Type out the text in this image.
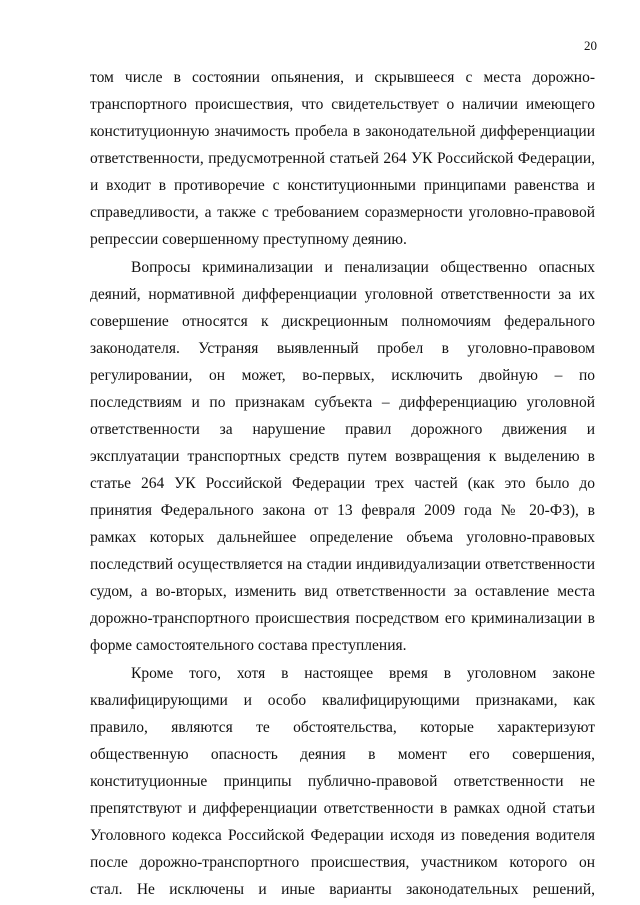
20
том числе в состоянии опьянения, и скрывшееся с места дорожно-
транспортного происшествия, что свидетельствует о наличии имеющего
конституционную значимость пробела в законодательной дифференциации
ответственности, предусмотренной статьей 264 УК Российской Федерации,
и входит в противоречие с конституционными принципами равенства и
справедливости, а также с требованием соразмерности уголовно-правовой
репрессии совершенному преступному деянию.
Вопросы криминализации и пенализации общественно опасных
деяний, нормативной дифференциации уголовной ответственности за их
совершение относятся к дискреционным полномочиям федерального
законодателя. Устраняя выявленный пробел в уголовно-правовом
регулировании, он может, во-первых, исключить двойную – по
последствиям и по признакам субъекта – дифференциацию уголовной
ответственности за нарушение правил дорожного движения и
эксплуатации транспортных средств путем возвращения к выделению в
статье 264 УК Российской Федерации трех частей (как это было до
принятия Федерального закона от 13 февраля 2009 года № 20-ФЗ), в
рамках которых дальнейшее определение объема уголовно-правовых
последствий осуществляется на стадии индивидуализации ответственности
судом, а во-вторых, изменить вид ответственности за оставление места
дорожно-транспортного происшествия посредством его криминализации в
форме самостоятельного состава преступления.
Кроме того, хотя в настоящее время в уголовном законе
квалифицирующими и особо квалифицирующими признаками, как
правило, являются те обстоятельства, которые характеризуют
общественную опасность деяния в момент его совершения,
конституционные принципы публично-правовой ответственности не
препятствуют и дифференциации ответственности в рамках одной статьи
Уголовного кодекса Российской Федерации исходя из поведения водителя
после дорожно-транспортного происшествия, участником которого он
стал. Не исключены и иные варианты законодательных решений,
